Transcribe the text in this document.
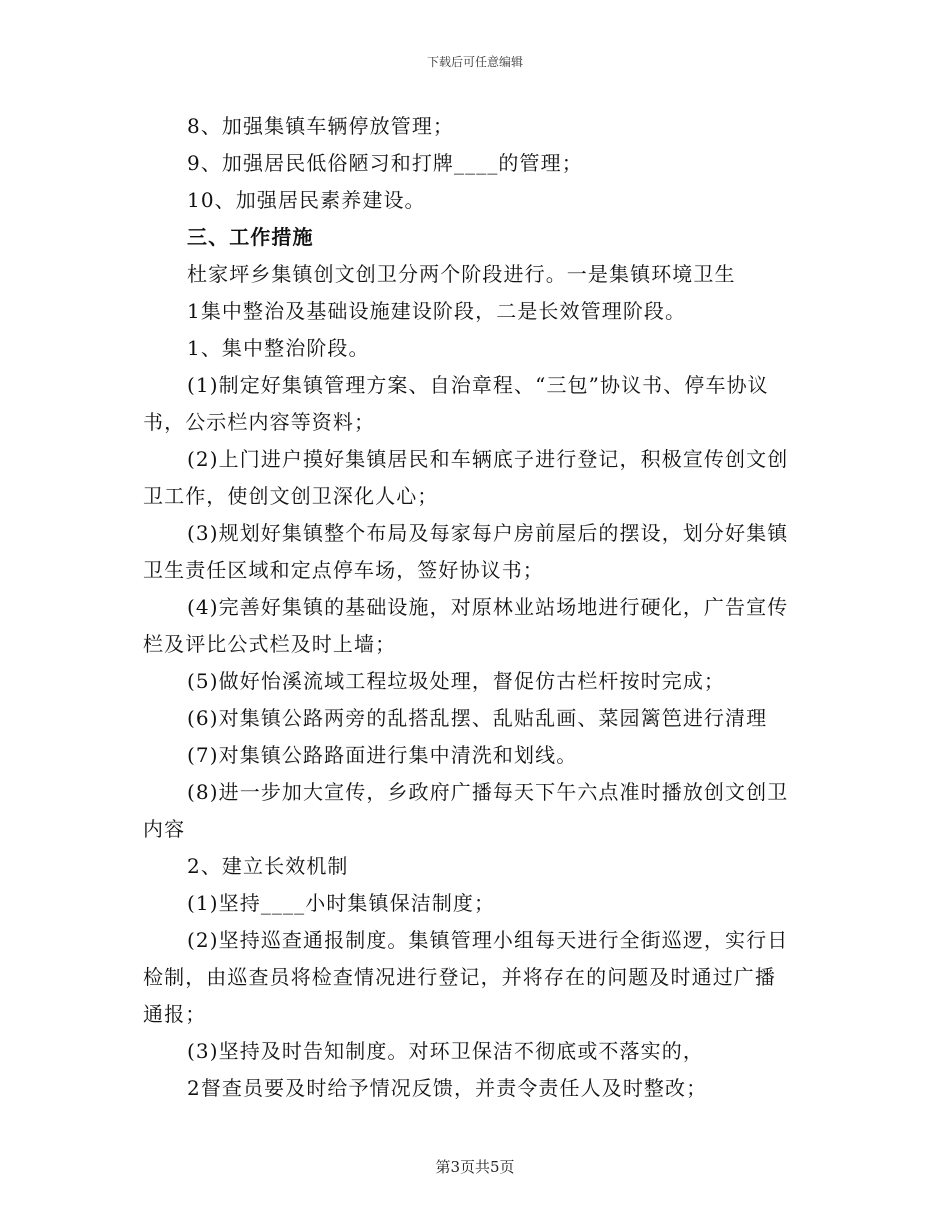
下载后可任意编辑
8、加强集镇车辆停放管理；
9、加强居民低俗陋习和打牌____的管理；
10、加强居民素养建设。
三、工作措施
杜家坪乡集镇创文创卫分两个阶段进行。一是集镇环境卫生
1集中整治及基础设施建设阶段，二是长效管理阶段。
1、集中整治阶段。
(1)制定好集镇管理方案、自治章程、“三包”协议书、停车协议
书，公示栏内容等资料；
(2)上门进户摸好集镇居民和车辆底子进行登记，积极宣传创文创
卫工作，使创文创卫深化人心；
(3)规划好集镇整个布局及每家每户房前屋后的摆设，划分好集镇
卫生责任区域和定点停车场，签好协议书；
(4)完善好集镇的基础设施，对原林业站场地进行硬化，广告宣传
栏及评比公式栏及时上墙；
(5)做好怡溪流域工程垃圾处理，督促仿古栏杆按时完成；
(6)对集镇公路两旁的乱搭乱摆、乱贴乱画、菜园篱笆进行清理
(7)对集镇公路路面进行集中清洗和划线。
(8)进一步加大宣传，乡政府广播每天下午六点准时播放创文创卫
内容
2、建立长效机制
(1)坚持____小时集镇保洁制度；
(2)坚持巡查通报制度。集镇管理小组每天进行全街巡逻，实行日
检制，由巡查员将检查情况进行登记，并将存在的问题及时通过广播
通报；
(3)坚持及时告知制度。对环卫保洁不彻底或不落实的，
2督查员要及时给予情况反馈，并责令责任人及时整改；
第3页共5页
